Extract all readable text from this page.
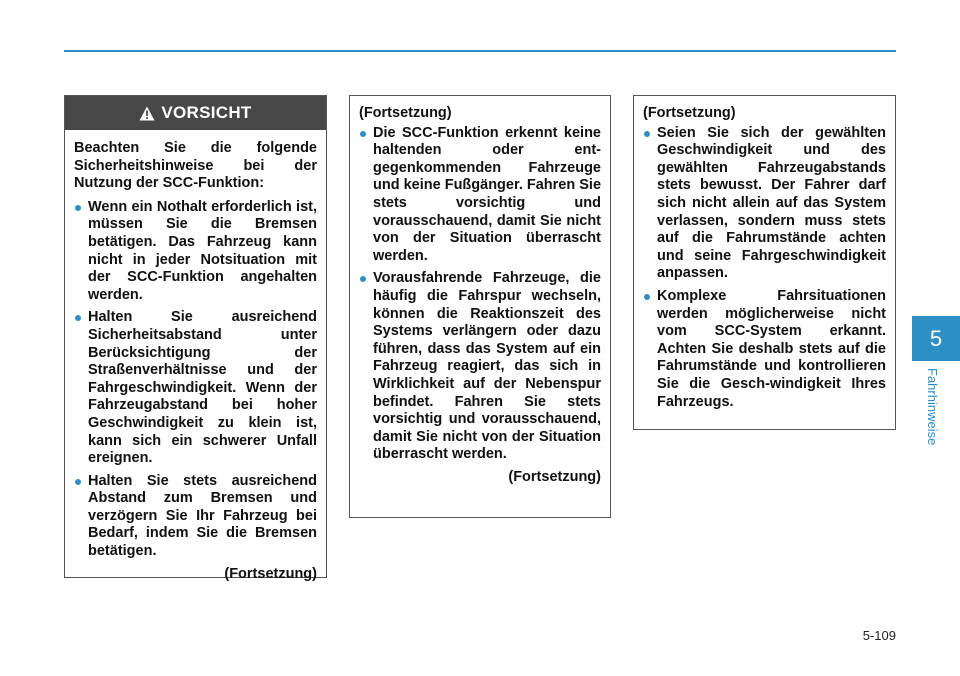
VORSICHT

Beachten Sie die folgende Sicherheitshinweise bei der Nutzung der SCC-Funktion:

Wenn ein Nothalt erforderlich ist, müssen Sie die Bremsen betätigen. Das Fahrzeug kann nicht in jeder Notsituation mit der SCC-Funktion angehalten werden.
Halten Sie ausreichend Sicherheitsabstand unter Berücksichtigung der Straßenverhältnisse und der Fahrgeschwindigkeit. Wenn der Fahrzeugabstand bei hoher Geschwindigkeit zu klein ist, kann sich ein schwerer Unfall ereignen.
Halten Sie stets ausreichend Abstand zum Bremsen und verzögern Sie Ihr Fahrzeug bei Bedarf, indem Sie die Bremsen betätigen.
(Fortsetzung)
(Fortsetzung)
Die SCC-Funktion erkennt keine haltenden oder ent-gegenkommenden Fahrzeuge und keine Fußgänger. Fahren Sie stets vorsichtig und vorausschauend, damit Sie nicht von der Situation überrascht werden.
Vorausfahrende Fahrzeuge, die häufig die Fahrspur wechseln, können die Reaktionszeit des Systems verlängern oder dazu führen, dass das System auf ein Fahrzeug reagiert, das sich in Wirklichkeit auf der Nebenspur befindet. Fahren Sie stets vorsichtig und vorausschauend, damit Sie nicht von der Situation überrascht werden.
(Fortsetzung)
(Fortsetzung)
Seien Sie sich der gewählten Geschwindigkeit und des gewählten Fahrzeugabstands stets bewusst. Der Fahrer darf sich nicht allein auf das System verlassen, sondern muss stets auf die Fahrumstände achten und seine Fahrgeschwindigkeit anpassen.
Komplexe Fahrsituationen werden möglicherweise nicht vom SCC-System erkannt. Achten Sie deshalb stets auf die Fahrumstände und kontrollieren Sie die Gesch-windigkeit Ihres Fahrzeugs.
5
Fahrhinweise
5-109
